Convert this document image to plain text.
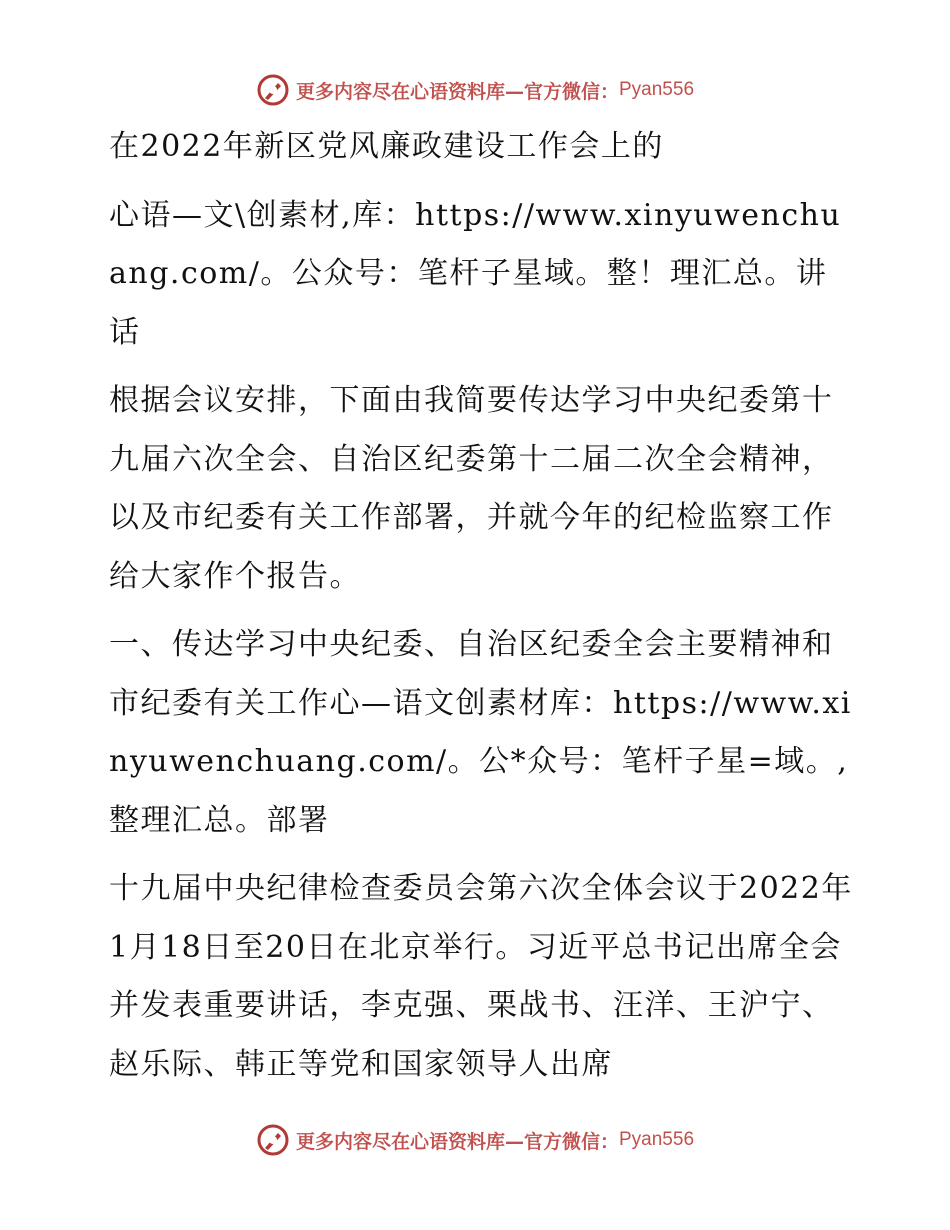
更多内容尽在心语资料库—官方微信： Pyan556

在2022年新区党风廉政建设工作会上的

心语—文\创素材,库：https://www.xinyuwenchuang.com/。公众号：笔杆子星域。整！理汇总。讲话

根据会议安排，下面由我简要传达学习中央纪委第十九届六次全会、自治区纪委第十二届二次全会精神，以及市纪委有关工作部署，并就今年的纪检监察工作给大家作个报告。

一、传达学习中央纪委、自治区纪委全会主要精神和市纪委有关工作心—语文创素材库：https://www.xinyuwenchuang.com/。公*众号：笔杆子星=域。,整理汇总。部署

十九届中央纪律检查委员会第六次全体会议于2022年1月18日至20日在北京举行。习近平总书记出席全会并发表重要讲话，李克强、栗战书、汪洋、王沪宁、赵乐际、韩正等党和国家领导人出席

更多内容尽在心语资料库—官方微信： Pyan556
